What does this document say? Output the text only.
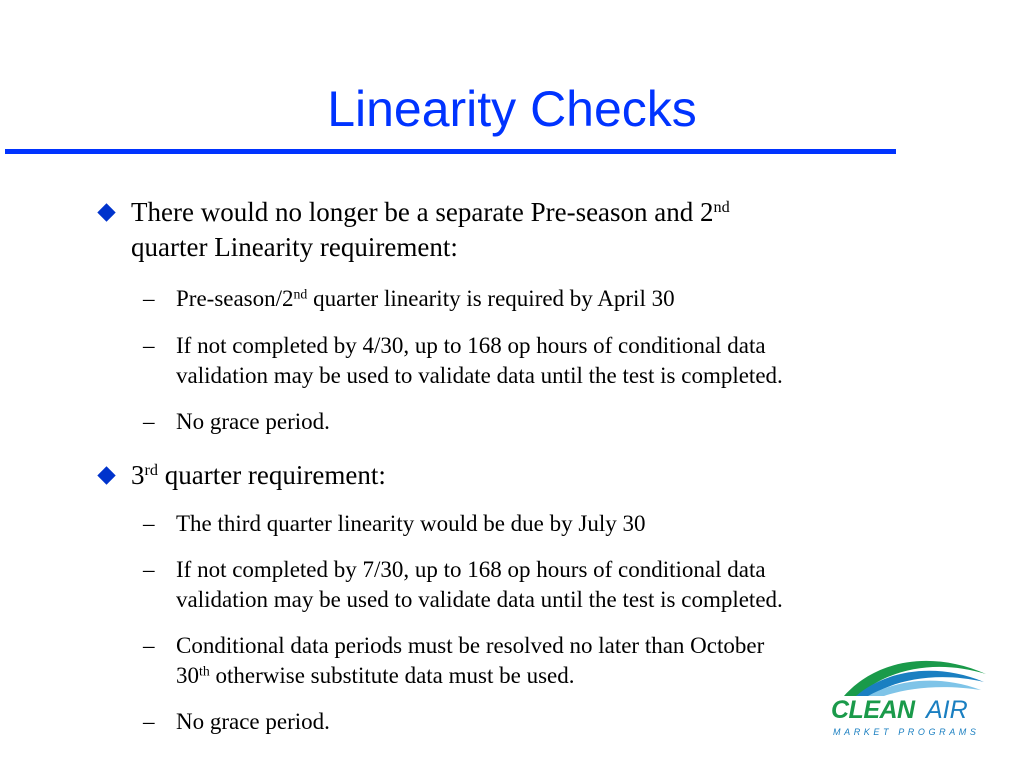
Linearity Checks
There would no longer be a separate Pre-season and 2nd
quarter Linearity requirement:
– Pre-season/2nd quarter linearity is required by April 30
– If not completed by 4/30, up to 168 op hours of conditional data
validation may be used to validate data until the test is completed.
– No grace period.
3rd quarter requirement:
– The third quarter linearity would be due by July 30
– If not completed by 7/30, up to 168 op hours of conditional data
validation may be used to validate data until the test is completed.
– Conditional data periods must be resolved no later than October
30th otherwise substitute data must be used.
– No grace period.	CLEAN AIR
MARKET PROGRAMS
